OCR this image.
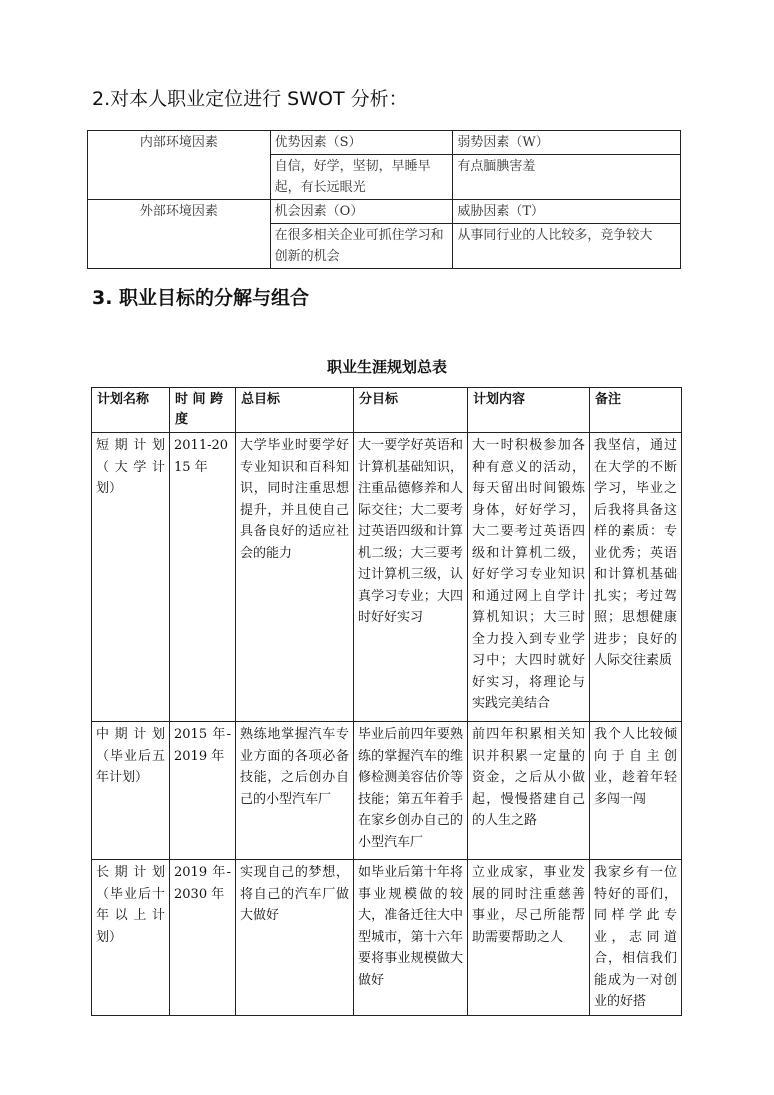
2.对本人职业定位进行 SWOT 分析：
内部环境因素	优势因素（S）	弱势因素（W）
	自信，好学，坚韧，早睡早起，有长远眼光	有点腼腆害羞
外部环境因素	机会因素（O）	威胁因素（T）
	在很多相关企业可抓住学习和创新的机会	从事同行业的人比较多，竞争较大
3. 职业目标的分解与组合
职业生涯规划总表
计划名称	时 间 跨度	总目标	分目标	计划内容	备注
短期计划（大学计划）	2011-2015 年	大学毕业时要学好专业知识和百科知识，同时注重思想提升，并且使自己具备良好的适应社会的能力	大一要学好英语和计算机基础知识，注重品德修养和人际交往；大二要考过英语四级和计算机二级；大三要考过计算机三级，认真学习专业；大四时好好实习	大一时积极参加各种有意义的活动，每天留出时间锻炼身体，好好学习，大二要考过英语四级和计算机二级，好好学习专业知识和通过网上自学计算机知识；大三时全力投入到专业学习中；大四时就好好实习，将理论与实践完美结合	我坚信，通过在大学的不断学习，毕业之后我将具备这样的素质：专业优秀；英语和计算机基础扎实；考过驾照；思想健康进步；良好的人际交往素质
中期计划（毕业后五年计划）	2015 年-2019 年	熟练地掌握汽车专业方面的各项必备技能，之后创办自己的小型汽车厂	毕业后前四年要熟练的掌握汽车的维修检测美容估价等技能；第五年着手在家乡创办自己的小型汽车厂	前四年积累相关知识并积累一定量的资金，之后从小做起，慢慢搭建自己的人生之路	我个人比较倾向于自主创业，趁着年轻多闯一闯
长期计划（毕业后十年以上计划）	2019 年-2030 年	实现自己的梦想，将自己的汽车厂做大做好	如毕业后第十年将事业规模做的较大，准备迁往大中型城市，第十六年要将事业规模做大做好	立业成家，事业发展的同时注重慈善事业，尽己所能帮助需要帮助之人	我家乡有一位特好的哥们，同样学此专业，志同道合，相信我们能成为一对创业的好搭
